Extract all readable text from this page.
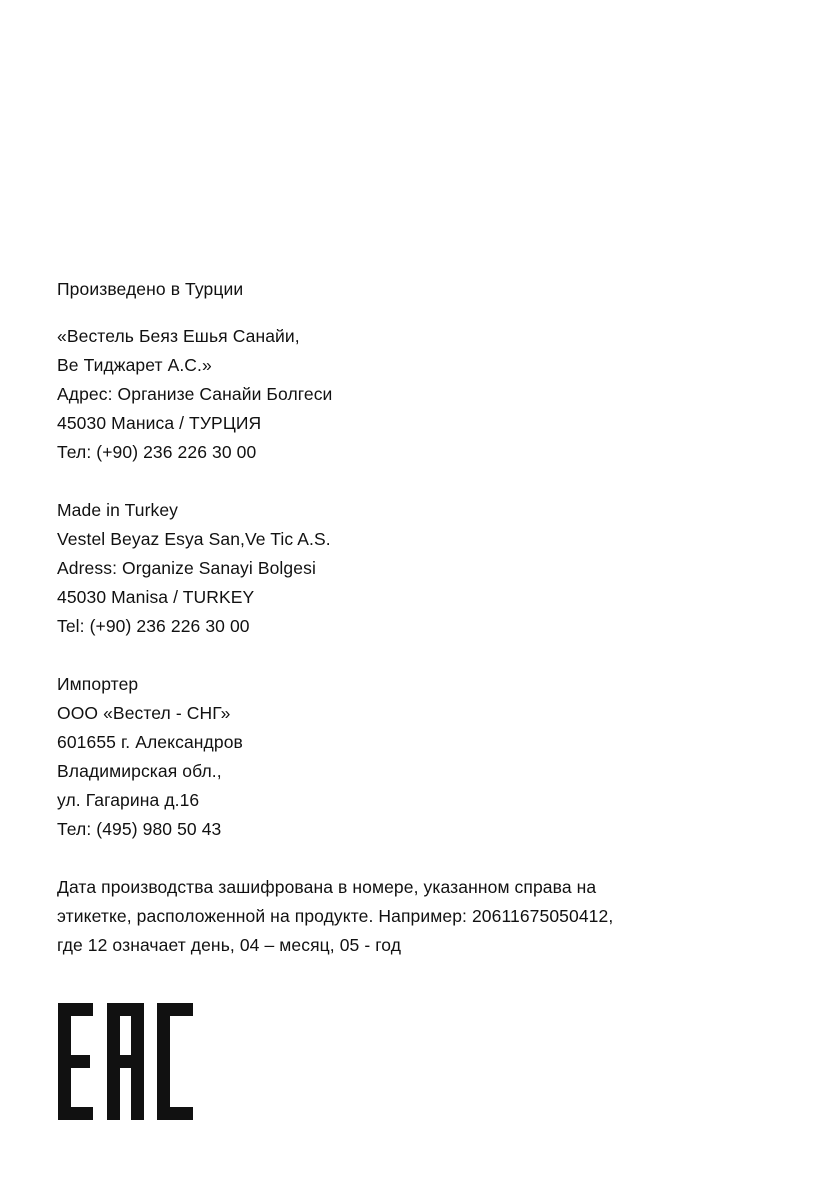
Произведено в Турции
«Вестель Беяз Ешья Санайи,
Ве Тиджарет А.С.»
Адрес: Организе Санайи Болгеси
45030 Маниса / ТУРЦИЯ
Тел: (+90) 236 226 30 00
Made in Turkey
Vestel Beyaz Esya San,Ve Tic A.S.
Adress: Organize Sanayi Bolgesi
45030 Manisa / TURKEY
Tel: (+90) 236 226 30 00
Импортер
ООО «Вестел - СНГ»
601655 г. Александров
Владимирская обл.,
ул. Гагарина д.16
Тел: (495) 980 50 43
Дата производства зашифрована в номере, указанном справа на
этикетке, расположенной на продукте. Например: 20611675050412,
где 12 означает день, 04 – месяц, 05 - год
